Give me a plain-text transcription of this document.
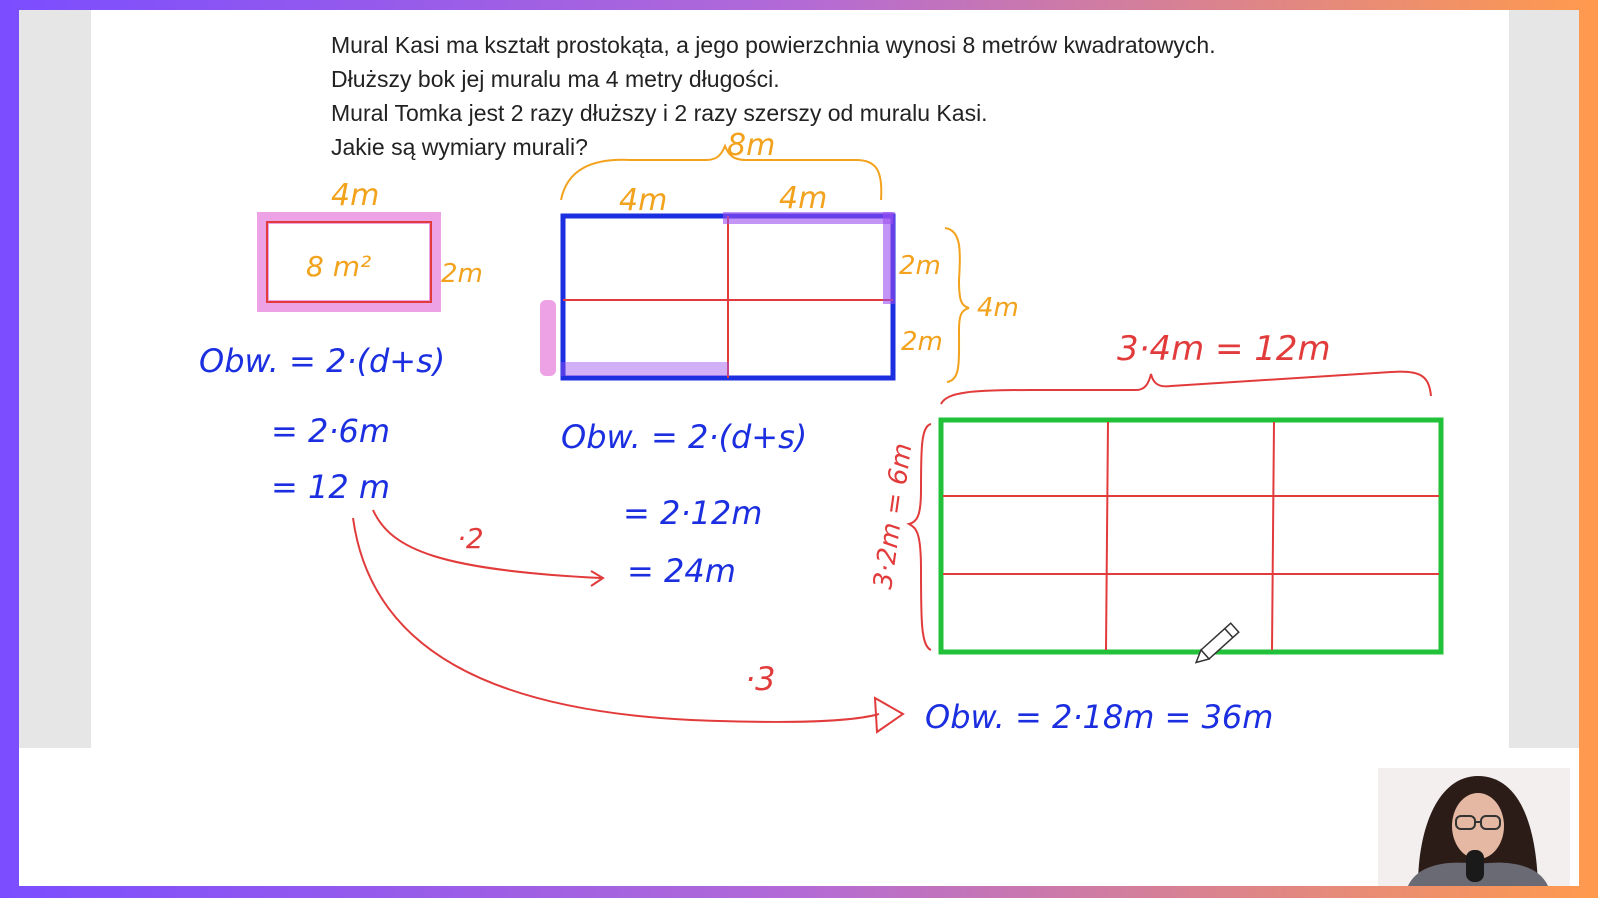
Mural Kasi ma kształt prostokąta, a jego powierzchnia wynosi 8 metrów kwadratowych.
Dłuższy bok jej muralu ma 4 metry długości.
Mural Tomka jest 2 razy dłuższy i 2 razy szerszy od muralu Kasi.
Jakie są wymiary murali?
4m
8 m²	2m
Obw. = 2·(d+s)
= 2·6m
= 12 m
8m
4m	4m
2m
2m
4m
Obw. = 2·(d+s)
= 2·12m
= 24m
·2
·3
3·4m = 12m
3·2m = 6m
Obw. = 2·18m = 36m
